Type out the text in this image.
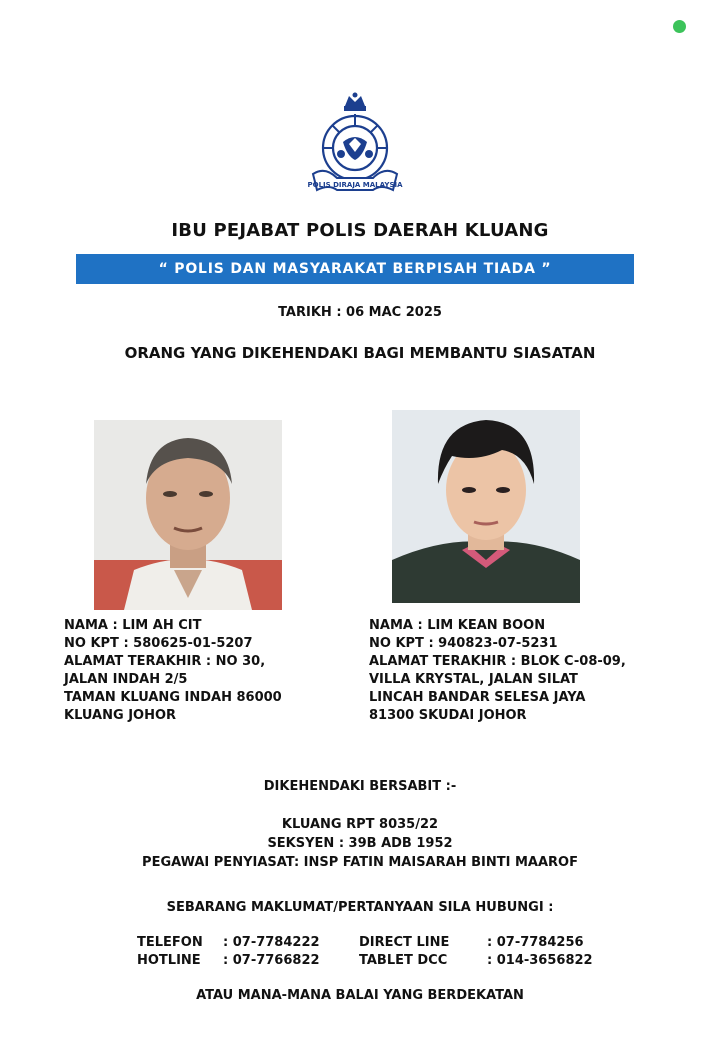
POLIS DIRAJA MALAYSIA
IBU PEJABAT POLIS DAERAH KLUANG
“ POLIS DAN MASYARAKAT BERPISAH TIADA ”
TARIKH : 06 MAC 2025
ORANG YANG DIKEHENDAKI BAGI MEMBANTU SIASATAN
NAMA : LIM AH CIT
NO KPT : 580625-01-5207
ALAMAT TERAKHIR : NO 30,
JALAN INDAH 2/5
TAMAN KLUANG INDAH 86000
KLUANG JOHOR
NAMA : LIM KEAN BOON
NO KPT : 940823-07-5231
ALAMAT TERAKHIR : BLOK C-08-09,
VILLA KRYSTAL, JALAN SILAT
LINCAH BANDAR SELESA JAYA
81300 SKUDAI JOHOR
DIKEHENDAKI BERSABIT :-
KLUANG RPT 8035/22
SEKSYEN : 39B ADB 1952
PEGAWAI PENYIASAT: INSP FATIN MAISARAH BINTI MAAROF
SEBARANG MAKLUMAT/PERTANYAAN SILA HUBUNGI :
TELEFON	: 07-7784222	DIRECT LINE	: 07-7784256
HOTLINE	: 07-7766822	TABLET DCC	: 014-3656822
ATAU MANA-MANA BALAI YANG BERDEKATAN
